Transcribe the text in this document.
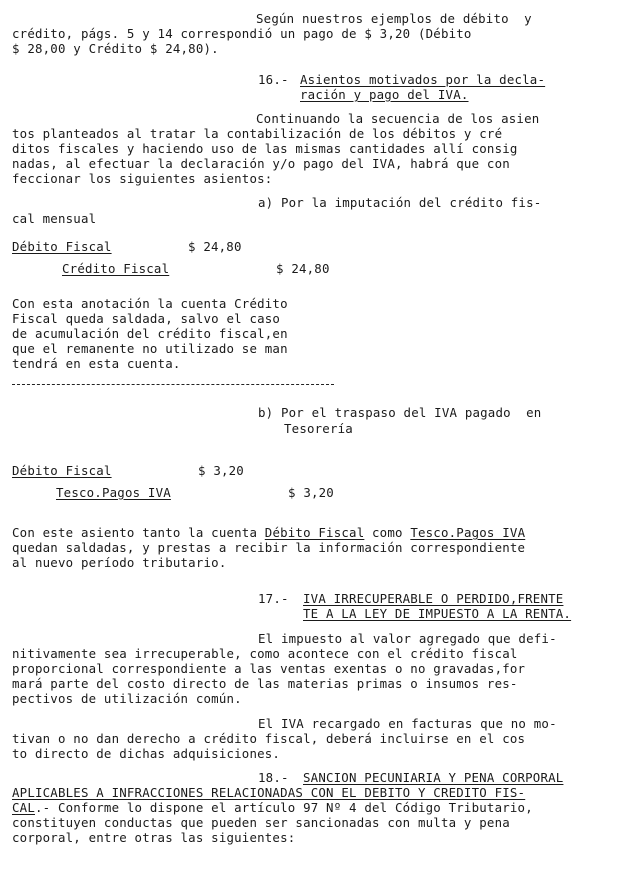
Según nuestros ejemplos de débito  y
crédito, págs. 5 y 14 correspondió un pago de $ 3,20 (Débito
$ 28,00 y Crédito $ 24,80).
16.- Asientos motivados por la decla-
ración y pago del IVA.
Continuando la secuencia de los asien
tos planteados al tratar la contabilización de los débitos y cré
ditos fiscales y haciendo uso de las mismas cantidades allí consig
nadas, al efectuar la declaración y/o pago del IVA, habrá que con
feccionar los siguientes asientos:
a) Por la imputación del crédito fis-
cal mensual
Débito Fiscal	$ 24,80
Crédito Fiscal	$ 24,80
Con esta anotación la cuenta Crédito
Fiscal queda saldada, salvo el caso
de acumulación del crédito fiscal,en
que el remanente no utilizado se man
tendrá en esta cuenta.
b) Por el traspaso del IVA pagado  en
Tesorería
Débito Fiscal	$ 3,20
Tesco.Pagos IVA	$ 3,20
Con este asiento tanto la cuenta Débito Fiscal como Tesco.Pagos IVA
quedan saldadas, y prestas a recibir la información correspondiente
al nuevo período tributario.
17.- IVA IRRECUPERABLE O PERDIDO,FRENTE
TE A LA LEY DE IMPUESTO A LA RENTA.
El impuesto al valor agregado que defi-
nitivamente sea irrecuperable, como acontece con el crédito fiscal
proporcional correspondiente a las ventas exentas o no gravadas,for
mará parte del costo directo de las materias primas o insumos res-
pectivos de utilización común.
El IVA recargado en facturas que no mo-
tivan o no dan derecho a crédito fiscal, deberá incluirse en el cos
to directo de dichas adquisiciones.
18.- SANCION PECUNIARIA Y PENA CORPORAL
APLICABLES A INFRACCIONES RELACIONADAS CON EL DEBITO Y CREDITO FIS-
CAL.- Conforme lo dispone el artículo 97 Nº 4 del Código Tributario,
constituyen conductas que pueden ser sancionadas con multa y pena
corporal, entre otras las siguientes:
